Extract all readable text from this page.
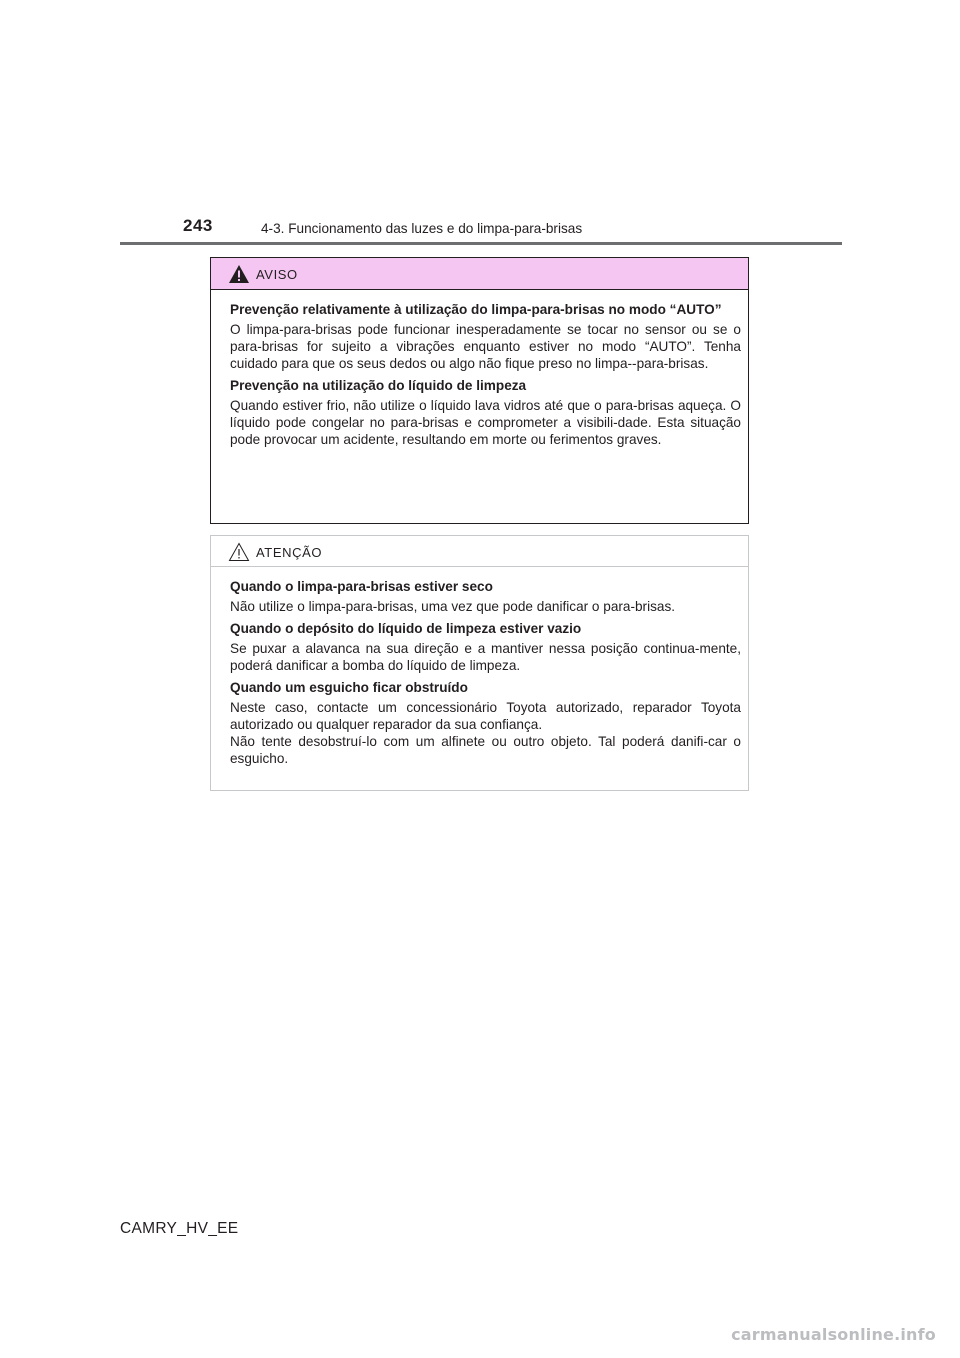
243	4-3. Funcionamento das luzes e do limpa-para-brisas
AVISO

Prevenção relativamente à utilização do limpa-para-brisas no modo “AUTO”

O limpa-para-brisas pode funcionar inesperadamente se tocar no sensor ou se o para-brisas for sujeito a vibrações enquanto estiver no modo “AUTO”. Tenha cuidado para que os seus dedos ou algo não fique preso no limpa--para-brisas.

Prevenção na utilização do líquido de limpeza

Quando estiver frio, não utilize o líquido lava vidros até que o para-brisas aqueça. O líquido pode congelar no para-brisas e comprometer a visibili-dade. Esta situação pode provocar um acidente, resultando em morte ou ferimentos graves.

ATENÇÃO

Quando o limpa-para-brisas estiver seco

Não utilize o limpa-para-brisas, uma vez que pode danificar o para-brisas.

Quando o depósito do líquido de limpeza estiver vazio

Se puxar a alavanca na sua direção e a mantiver nessa posição continua-mente, poderá danificar a bomba do líquido de limpeza.

Quando um esguicho ficar obstruído

Neste caso, contacte um concessionário Toyota autorizado, reparador Toyota autorizado ou qualquer reparador da sua confiança.

Não tente desobstruí-lo com um alfinete ou outro objeto. Tal poderá danifi-car o esguicho.

CAMRY_HV_EE
carmanualsonline.info
